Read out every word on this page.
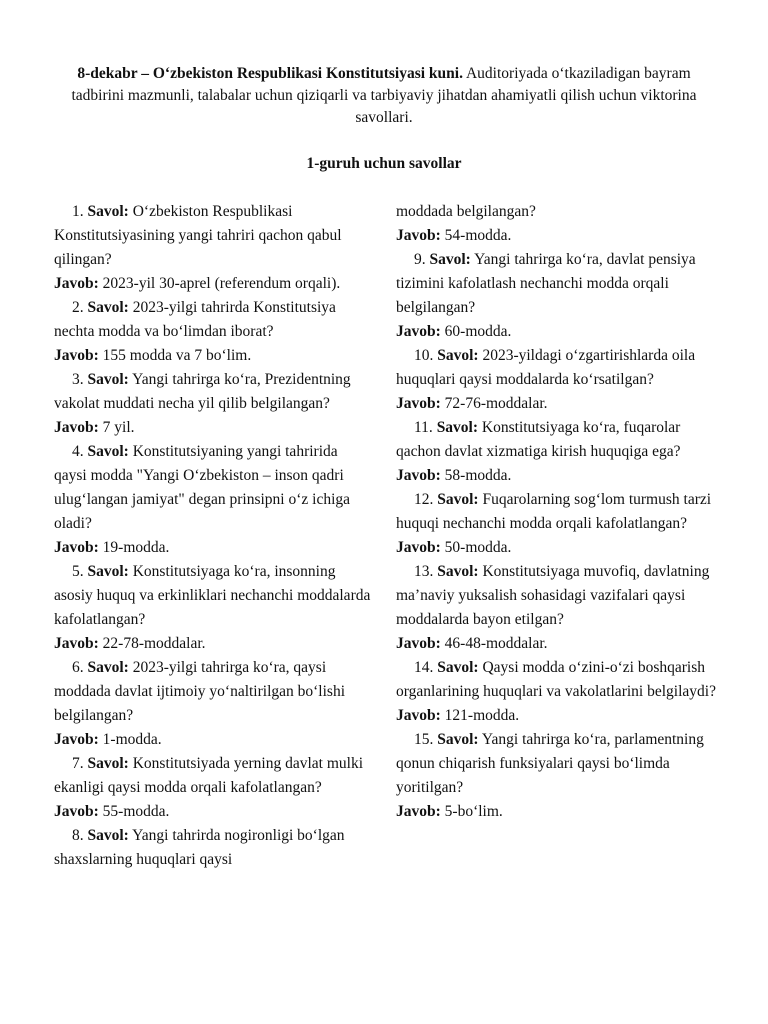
8-dekabr – O‘zbekiston Respublikasi Konstitutsiyasi kuni. Auditoriyada o‘tkaziladigan bayram tadbirini mazmunli, talabalar uchun qiziqarli va tarbiyaviy jihatdan ahamiyatli qilish uchun viktorina savollari.
1-guruh uchun savollar

1. Savol: O‘zbekiston Respublikasi Konstitutsiyasining yangi tahriri qachon qabul qilingan?

Javob: 2023-yil 30-aprel (referendum orqali).

2. Savol: 2023-yilgi tahrirda Konstitutsiya nechta modda va bo‘limdan iborat?

Javob: 155 modda va 7 bo‘lim.

3. Savol: Yangi tahrirga ko‘ra, Prezidentning vakolat muddati necha yil qilib belgilangan?

Javob: 7 yil.

4. Savol: Konstitutsiyaning yangi tahririda qaysi modda "Yangi O‘zbekiston – inson qadri ulug‘langan jamiyat" degan prinsipni o‘z ichiga oladi?

Javob: 19-modda.

5. Savol: Konstitutsiyaga ko‘ra, insonning asosiy huquq va erkinliklari nechanchi moddalarda kafolatlangan?

Javob: 22-78-moddalar.

6. Savol: 2023-yilgi tahrirga ko‘ra, qaysi moddada davlat ijtimoiy yo‘naltirilgan bo‘lishi belgilangan?

Javob: 1-modda.

7. Savol: Konstitutsiyada yerning davlat mulki ekanligi qaysi modda orqali kafolatlangan?

Javob: 55-modda.

8. Savol: Yangi tahrirda nogironligi bo‘lgan shaxslarning huquqlari qaysi

moddada belgilangan?

Javob: 54-modda.

9. Savol: Yangi tahrirga ko‘ra, davlat pensiya tizimini kafolatlash nechanchi modda orqali belgilangan?

Javob: 60-modda.

10. Savol: 2023-yildagi o‘zgartirishlarda oila huquqlari qaysi moddalarda ko‘rsatilgan?

Javob: 72-76-moddalar.

11. Savol: Konstitutsiyaga ko‘ra, fuqarolar qachon davlat xizmatiga kirish huquqiga ega?

Javob: 58-modda.

12. Savol: Fuqarolarning sog‘lom turmush tarzi huquqi nechanchi modda orqali kafolatlangan?

Javob: 50-modda.

13. Savol: Konstitutsiyaga muvofiq, davlatning ma’naviy yuksalish sohasidagi vazifalari qaysi moddalarda bayon etilgan?

Javob: 46-48-moddalar.

14. Savol: Qaysi modda o‘zini-o‘zi boshqarish organlarining huquqlari va vakolatlarini belgilaydi?

Javob: 121-modda.

15. Savol: Yangi tahrirga ko‘ra, parlamentning qonun chiqarish funksiyalari qaysi bo‘limda yoritilgan?

Javob: 5-bo‘lim.
